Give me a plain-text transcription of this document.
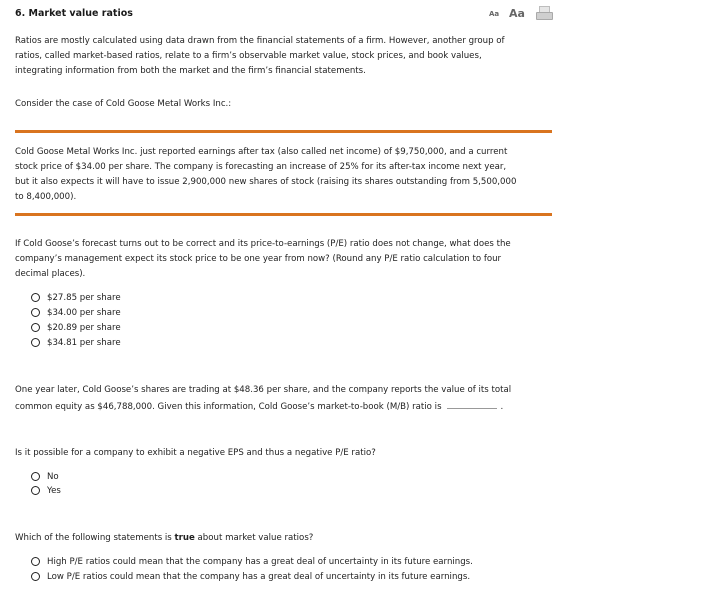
6. Market value ratios	Aa Aa
Ratios are mostly calculated using data drawn from the financial statements of a firm. However, another group of
ratios, called market-based ratios, relate to a firm’s observable market value, stock prices, and book values,
integrating information from both the market and the firm’s financial statements.
Consider the case of Cold Goose Metal Works Inc.:
Cold Goose Metal Works Inc. just reported earnings after tax (also called net income) of $9,750,000, and a current
stock price of $34.00 per share. The company is forecasting an increase of 25% for its after-tax income next year,
but it also expects it will have to issue 2,900,000 new shares of stock (raising its shares outstanding from 5,500,000
to 8,400,000).
If Cold Goose’s forecast turns out to be correct and its price-to-earnings (P/E) ratio does not change, what does the
company’s management expect its stock price to be one year from now? (Round any P/E ratio calculation to four
decimal places).
$27.85 per share
$34.00 per share
$20.89 per share
$34.81 per share
One year later, Cold Goose’s shares are trading at $48.36 per share, and the company reports the value of its total
common equity as $46,788,000. Given this information, Cold Goose’s market-to-book (M/B) ratio is	.
Is it possible for a company to exhibit a negative EPS and thus a negative P/E ratio?
No
Yes
Which of the following statements is true about market value ratios?
High P/E ratios could mean that the company has a great deal of uncertainty in its future earnings.
Low P/E ratios could mean that the company has a great deal of uncertainty in its future earnings.
